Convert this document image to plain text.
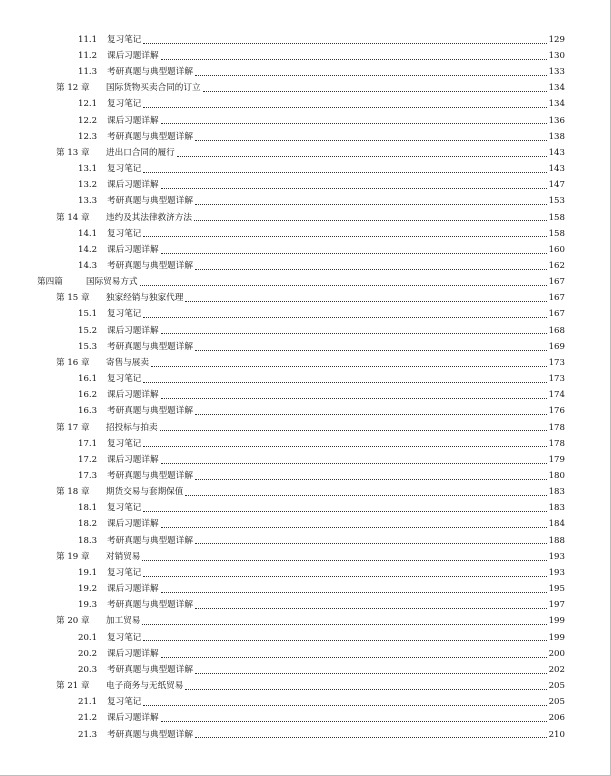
11.1	复习笔记	129
11.2	课后习题详解	130
11.3	考研真题与典型题详解	133
第 12 章	国际货物买卖合同的订立	134
12.1	复习笔记	134
12.2	课后习题详解	136
12.3	考研真题与典型题详解	138
第 13 章	进出口合同的履行	143
13.1	复习笔记	143
13.2	课后习题详解	147
13.3	考研真题与典型题详解	153
第 14 章	违约及其法律救济方法	158
14.1	复习笔记	158
14.2	课后习题详解	160
14.3	考研真题与典型题详解	162
第四篇	国际贸易方式	167
第 15 章	独家经销与独家代理	167
15.1	复习笔记	167
15.2	课后习题详解	168
15.3	考研真题与典型题详解	169
第 16 章	寄售与展卖	173
16.1	复习笔记	173
16.2	课后习题详解	174
16.3	考研真题与典型题详解	176
第 17 章	招投标与拍卖	178
17.1	复习笔记	178
17.2	课后习题详解	179
17.3	考研真题与典型题详解	180
第 18 章	期货交易与套期保值	183
18.1	复习笔记	183
18.2	课后习题详解	184
18.3	考研真题与典型题详解	188
第 19 章	对销贸易	193
19.1	复习笔记	193
19.2	课后习题详解	195
19.3	考研真题与典型题详解	197
第 20 章	加工贸易	199
20.1	复习笔记	199
20.2	课后习题详解	200
20.3	考研真题与典型题详解	202
第 21 章	电子商务与无纸贸易	205
21.1	复习笔记	205
21.2	课后习题详解	206
21.3	考研真题与典型题详解	210
